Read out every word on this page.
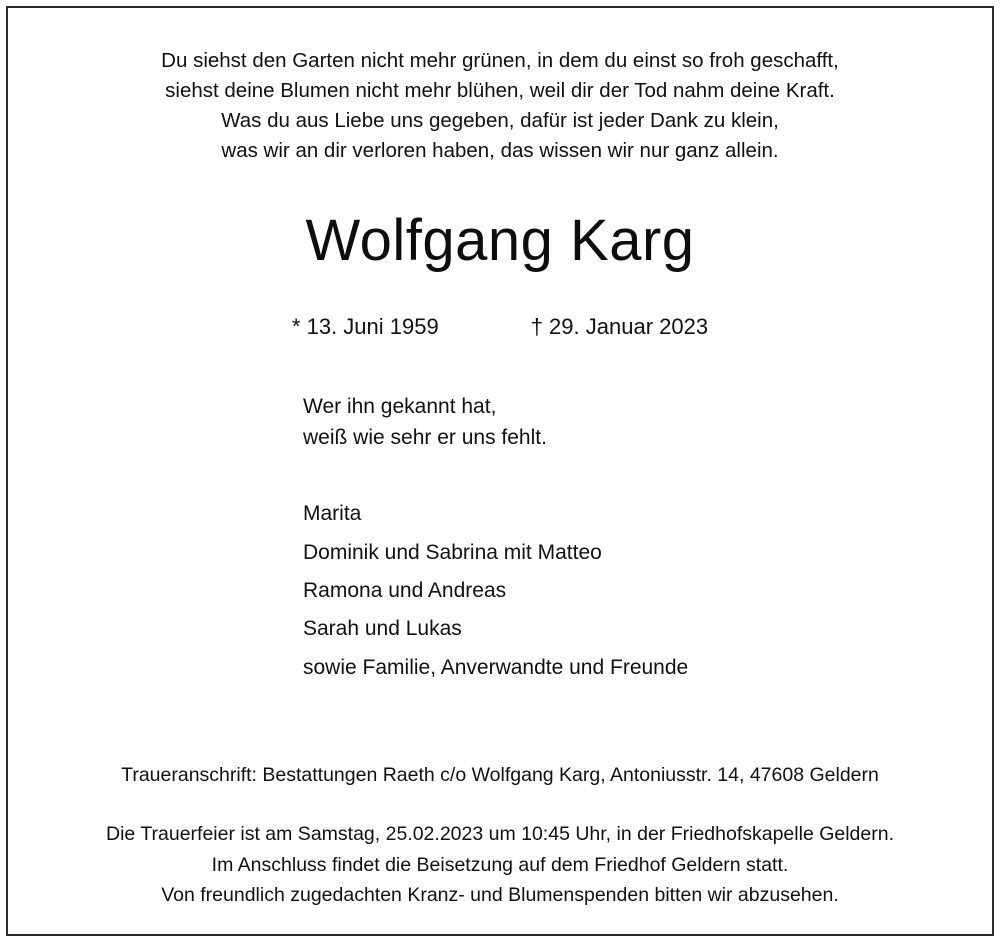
Du siehst den Garten nicht mehr grünen, in dem du einst so froh geschafft,
siehst deine Blumen nicht mehr blühen, weil dir der Tod nahm deine Kraft.
Was du aus Liebe uns gegeben, dafür ist jeder Dank zu klein,
was wir an dir verloren haben, das wissen wir nur ganz allein.
Wolfgang Karg
* 13. Juni 1959	† 29. Januar 2023
Wer ihn gekannt hat,
weiß wie sehr er uns fehlt.
Marita
Dominik und Sabrina mit Matteo
Ramona und Andreas
Sarah und Lukas
sowie Familie, Anverwandte und Freunde
Traueranschrift: Bestattungen Raeth c/o Wolfgang Karg, Antoniusstr. 14, 47608 Geldern
Die Trauerfeier ist am Samstag, 25.02.2023 um 10:45 Uhr, in der Friedhofskapelle Geldern.
Im Anschluss findet die Beisetzung auf dem Friedhof Geldern statt.
Von freundlich zugedachten Kranz- und Blumenspenden bitten wir abzusehen.
